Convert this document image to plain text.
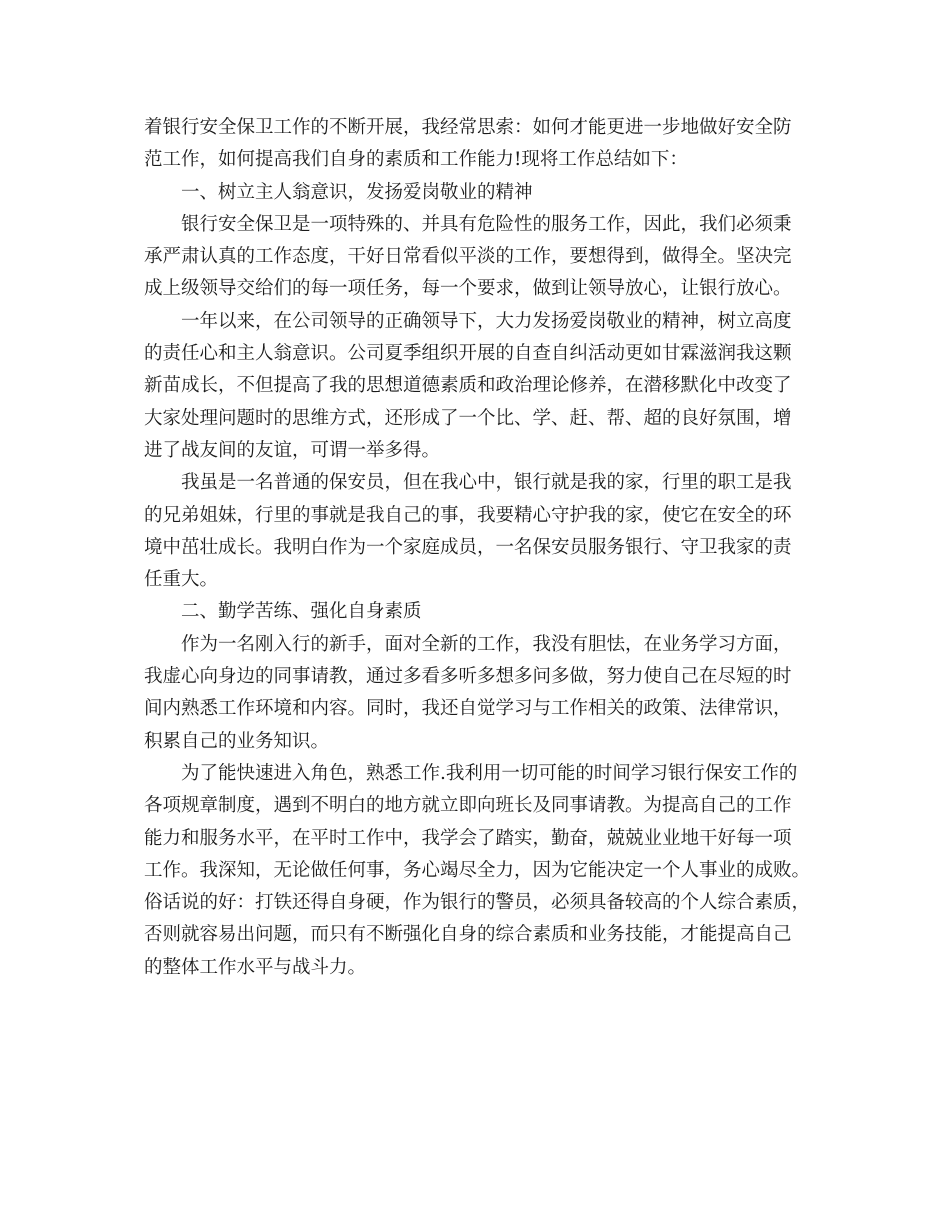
着银行安全保卫工作的不断开展，我经常思索：如何才能更进一步地做好安全防
范工作，如何提高我们自身的素质和工作能力!现将工作总结如下：
一、树立主人翁意识，发扬爱岗敬业的精神
银行安全保卫是一项特殊的、并具有危险性的服务工作，因此，我们必须秉
承严肃认真的工作态度，干好日常看似平淡的工作，要想得到，做得全。坚决完
成上级领导交给们的每一项任务，每一个要求，做到让领导放心，让银行放心。
一年以来，在公司领导的正确领导下，大力发扬爱岗敬业的精神，树立高度
的责任心和主人翁意识。公司夏季组织开展的自查自纠活动更如甘霖滋润我这颗
新苗成长，不但提高了我的思想道德素质和政治理论修养，在潜移默化中改变了
大家处理问题时的思维方式，还形成了一个比、学、赶、帮、超的良好氛围，增
进了战友间的友谊，可谓一举多得。
我虽是一名普通的保安员，但在我心中，银行就是我的家，行里的职工是我
的兄弟姐妹，行里的事就是我自己的事，我要精心守护我的家，使它在安全的环
境中茁壮成长。我明白作为一个家庭成员，一名保安员服务银行、守卫我家的责
任重大。
二、勤学苦练、强化自身素质
作为一名刚入行的新手，面对全新的工作，我没有胆怯，在业务学习方面，
我虚心向身边的同事请教，通过多看多听多想多问多做，努力使自己在尽短的时
间内熟悉工作环境和内容。同时，我还自觉学习与工作相关的政策、法律常识，
积累自己的业务知识。
为了能快速进入角色，熟悉工作.我利用一切可能的时间学习银行保安工作的
各项规章制度，遇到不明白的地方就立即向班长及同事请教。为提高自己的工作
能力和服务水平，在平时工作中，我学会了踏实，勤奋，兢兢业业地干好每一项
工作。我深知，无论做任何事，务心竭尽全力，因为它能决定一个人事业的成败。
俗话说的好：打铁还得自身硬，作为银行的警员，必须具备较高的个人综合素质，
否则就容易出问题，而只有不断强化自身的综合素质和业务技能，才能提高自己
的整体工作水平与战斗力。
